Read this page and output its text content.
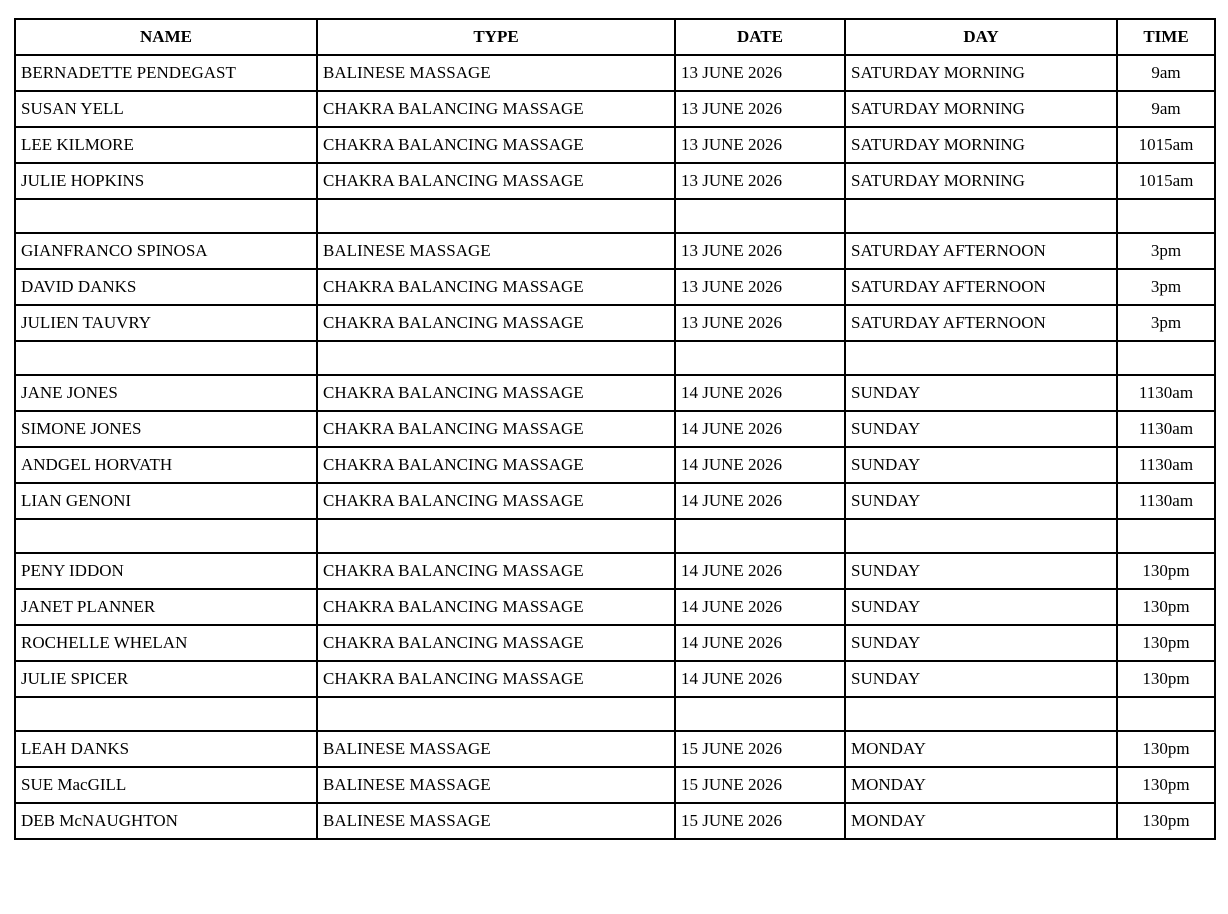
NAME	TYPE	DATE	DAY	TIME
BERNADETTE PENDEGAST	BALINESE MASSAGE	13 JUNE 2026	SATURDAY MORNING	9am
SUSAN YELL	CHAKRA BALANCING MASSAGE	13 JUNE 2026	SATURDAY MORNING	9am
LEE KILMORE	CHAKRA BALANCING MASSAGE	13 JUNE 2026	SATURDAY MORNING	1015am
JULIE HOPKINS	CHAKRA BALANCING MASSAGE	13 JUNE 2026	SATURDAY MORNING	1015am

GIANFRANCO SPINOSA	BALINESE MASSAGE	13 JUNE 2026	SATURDAY AFTERNOON	3pm
DAVID DANKS	CHAKRA BALANCING MASSAGE	13 JUNE 2026	SATURDAY AFTERNOON	3pm
JULIEN TAUVRY	CHAKRA BALANCING MASSAGE	13 JUNE 2026	SATURDAY AFTERNOON	3pm

JANE JONES	CHAKRA BALANCING MASSAGE	14 JUNE 2026	SUNDAY	1130am
SIMONE JONES	CHAKRA BALANCING MASSAGE	14 JUNE 2026	SUNDAY	1130am
ANDGEL HORVATH	CHAKRA BALANCING MASSAGE	14 JUNE 2026	SUNDAY	1130am
LIAN GENONI	CHAKRA BALANCING MASSAGE	14 JUNE 2026	SUNDAY	1130am

PENY IDDON	CHAKRA BALANCING MASSAGE	14 JUNE 2026	SUNDAY	130pm
JANET PLANNER	CHAKRA BALANCING MASSAGE	14 JUNE 2026	SUNDAY	130pm
ROCHELLE WHELAN	CHAKRA BALANCING MASSAGE	14 JUNE 2026	SUNDAY	130pm
JULIE SPICER	CHAKRA BALANCING MASSAGE	14 JUNE 2026	SUNDAY	130pm

LEAH DANKS	BALINESE MASSAGE	15 JUNE 2026	MONDAY	130pm
SUE MacGILL	BALINESE MASSAGE	15 JUNE 2026	MONDAY	130pm
DEB McNAUGHTON	BALINESE MASSAGE	15 JUNE 2026	MONDAY	130pm
